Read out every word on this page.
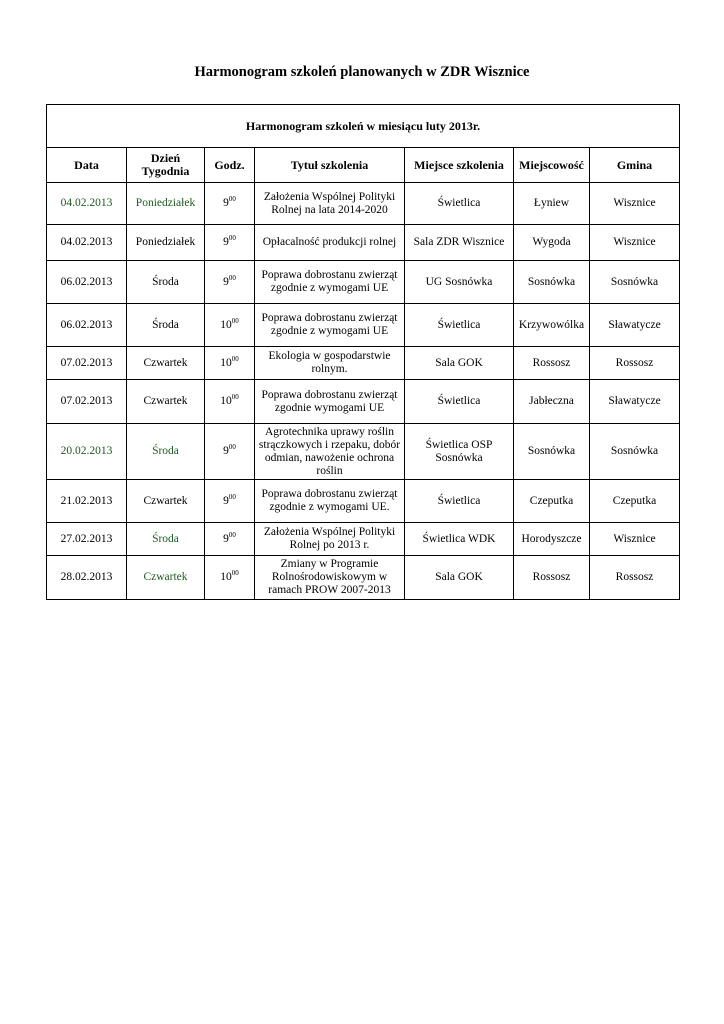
Harmonogram szkoleń planowanych w ZDR Wisznice
Harmonogram szkoleń w miesiącu luty 2013r.						
Data	Dzień Tygodnia	Godz.	Tytuł szkolenia	Miejsce szkolenia	Miejscowość	Gmina
04.02.2013	Poniedziałek	$9^{00}$	Założenia Wspólnej Polityki Rolnej na lata 2014-2020	Świetlica	Łyniew	Wisznice
04.02.2013	Poniedziałek	$9^{00}$	Opłacalność produkcji rolnej	Sala ZDR Wisznice	Wygoda	Wisznice
06.02.2013	Środa	$9^{00}$	Poprawa dobrostanu zwierząt zgodnie z wymogami UE	UG Sosnówka	Sosnówka	Sosnówka
06.02.2013	Środa	$10^{00}$	Poprawa dobrostanu zwierząt zgodnie z wymogami UE	Świetlica	Krzywowólka	Sławatycze
07.02.2013	Czwartek	$10^{00}$	Ekologia w gospodarstwie rolnym.	Sala GOK	Rossosz	Rossosz
07.02.2013	Czwartek	$10^{00}$	Poprawa dobrostanu zwierząt zgodnie wymogami UE	Świetlica	Jabłeczna	Sławatycze
20.02.2013	Środa	$9^{00}$	Agrotechnika uprawy roślin strączkowych i rzepaku, dobór odmian, nawożenie ochrona roślin	Świetlica OSP Sosnówka	Sosnówka	Sosnówka
21.02.2013	Czwartek	$9^{00}$	Poprawa dobrostanu zwierząt zgodnie z wymogami UE.	Świetlica	Czeputka	Czeputka
27.02.2013	Środa	$9^{00}$	Założenia Wspólnej Polityki Rolnej po 2013 r.	Świetlica WDK	Horodyszcze	Wisznice
28.02.2013	Czwartek	$10^{00}$	Zmiany w Programie Rolnośrodowiskowym w ramach PROW 2007-2013	Sala GOK	Rossosz	Rossosz
